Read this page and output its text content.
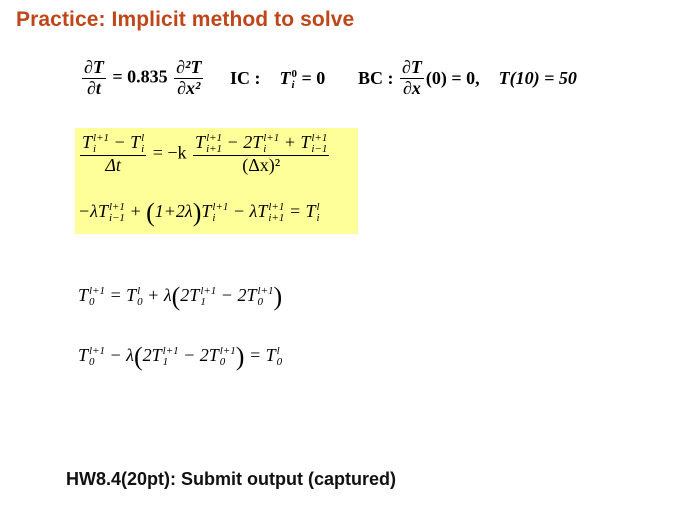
Practice: Implicit method to solve
$\frac{\partial T}{\partial t} = 0.835 \frac{\text{∂²T}}{\text{∂x²}}$ IC : T 0
i = 0 BC : $\frac{\partial T}{\partial x} (0) = 0$, T(10) = 50
T l+1
i − T l
i
Δt = −k T l+1
i+1 − 2T l+1
i + T l+1
i−1
(Δx)²
−λT l+1
i−1 + (1+2λ)T l+1
i − λT l+1
i+1 = T l
i
T l+1
0 = T l
0 + λ(2T l+1
1 − 2T l+1
0 )
T l+1
0 − λ(2T l+1
1 − 2T l+1
0 ) = T l
0
HW8.4(20pt): Submit output (captured)
